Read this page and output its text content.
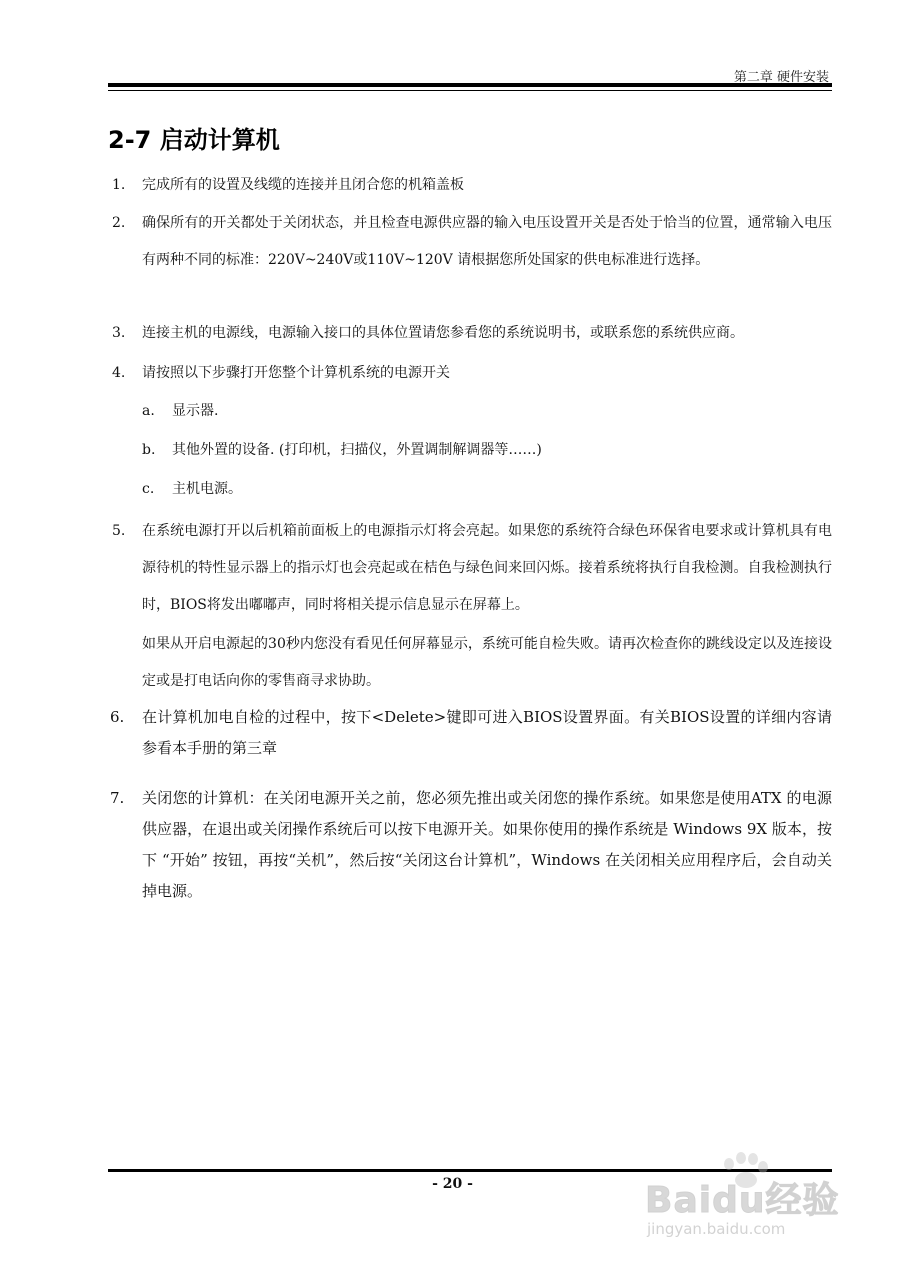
第二章 硬件安装
2-7 启动计算机
1. 完成所有的设置及线缆的连接并且闭合您的机箱盖板
2. 确保所有的开关都处于关闭状态，并且检查电源供应器的输入电压设置开关是否处于恰当的位置，通常输入电压有两种不同的标准：220V~240V或110V~120V 请根据您所处国家的供电标准进行选择。
3. 连接主机的电源线，电源输入接口的具体位置请您参看您的系统说明书，或联系您的系统供应商。
4. 请按照以下步骤打开您整个计算机系统的电源开关
a. 显示器.
b. 其他外置的设备. (打印机，扫描仪，外置调制解调器等……)
c. 主机电源。
5. 在系统电源打开以后机箱前面板上的电源指示灯将会亮起。如果您的系统符合绿色环保省电要求或计算机具有电源待机的特性显示器上的指示灯也会亮起或在桔色与绿色间来回闪烁。接着系统将执行自我检测。自我检测执行时，BIOS将发出嘟嘟声，同时将相关提示信息显示在屏幕上。
如果从开启电源起的30秒内您没有看见任何屏幕显示，系统可能自检失败。请再次检查你的跳线设定以及连接设定或是打电话向你的零售商寻求协助。
6. 在计算机加电自检的过程中，按下<Delete>键即可进入BIOS设置界面。有关BIOS设置的详细内容请参看本手册的第三章
7. 关闭您的计算机：在关闭电源开关之前，您必须先推出或关闭您的操作系统。如果您是使用ATX 的电源供应器，在退出或关闭操作系统后可以按下电源开关。如果你使用的操作系统是 Windows 9X 版本，按下 “开始” 按钮，再按“关机”，然后按“关闭这台计算机”，Windows 在关闭相关应用程序后，会自动关掉电源。
- 20 -	Baidu经验
jingyan.baidu.com
